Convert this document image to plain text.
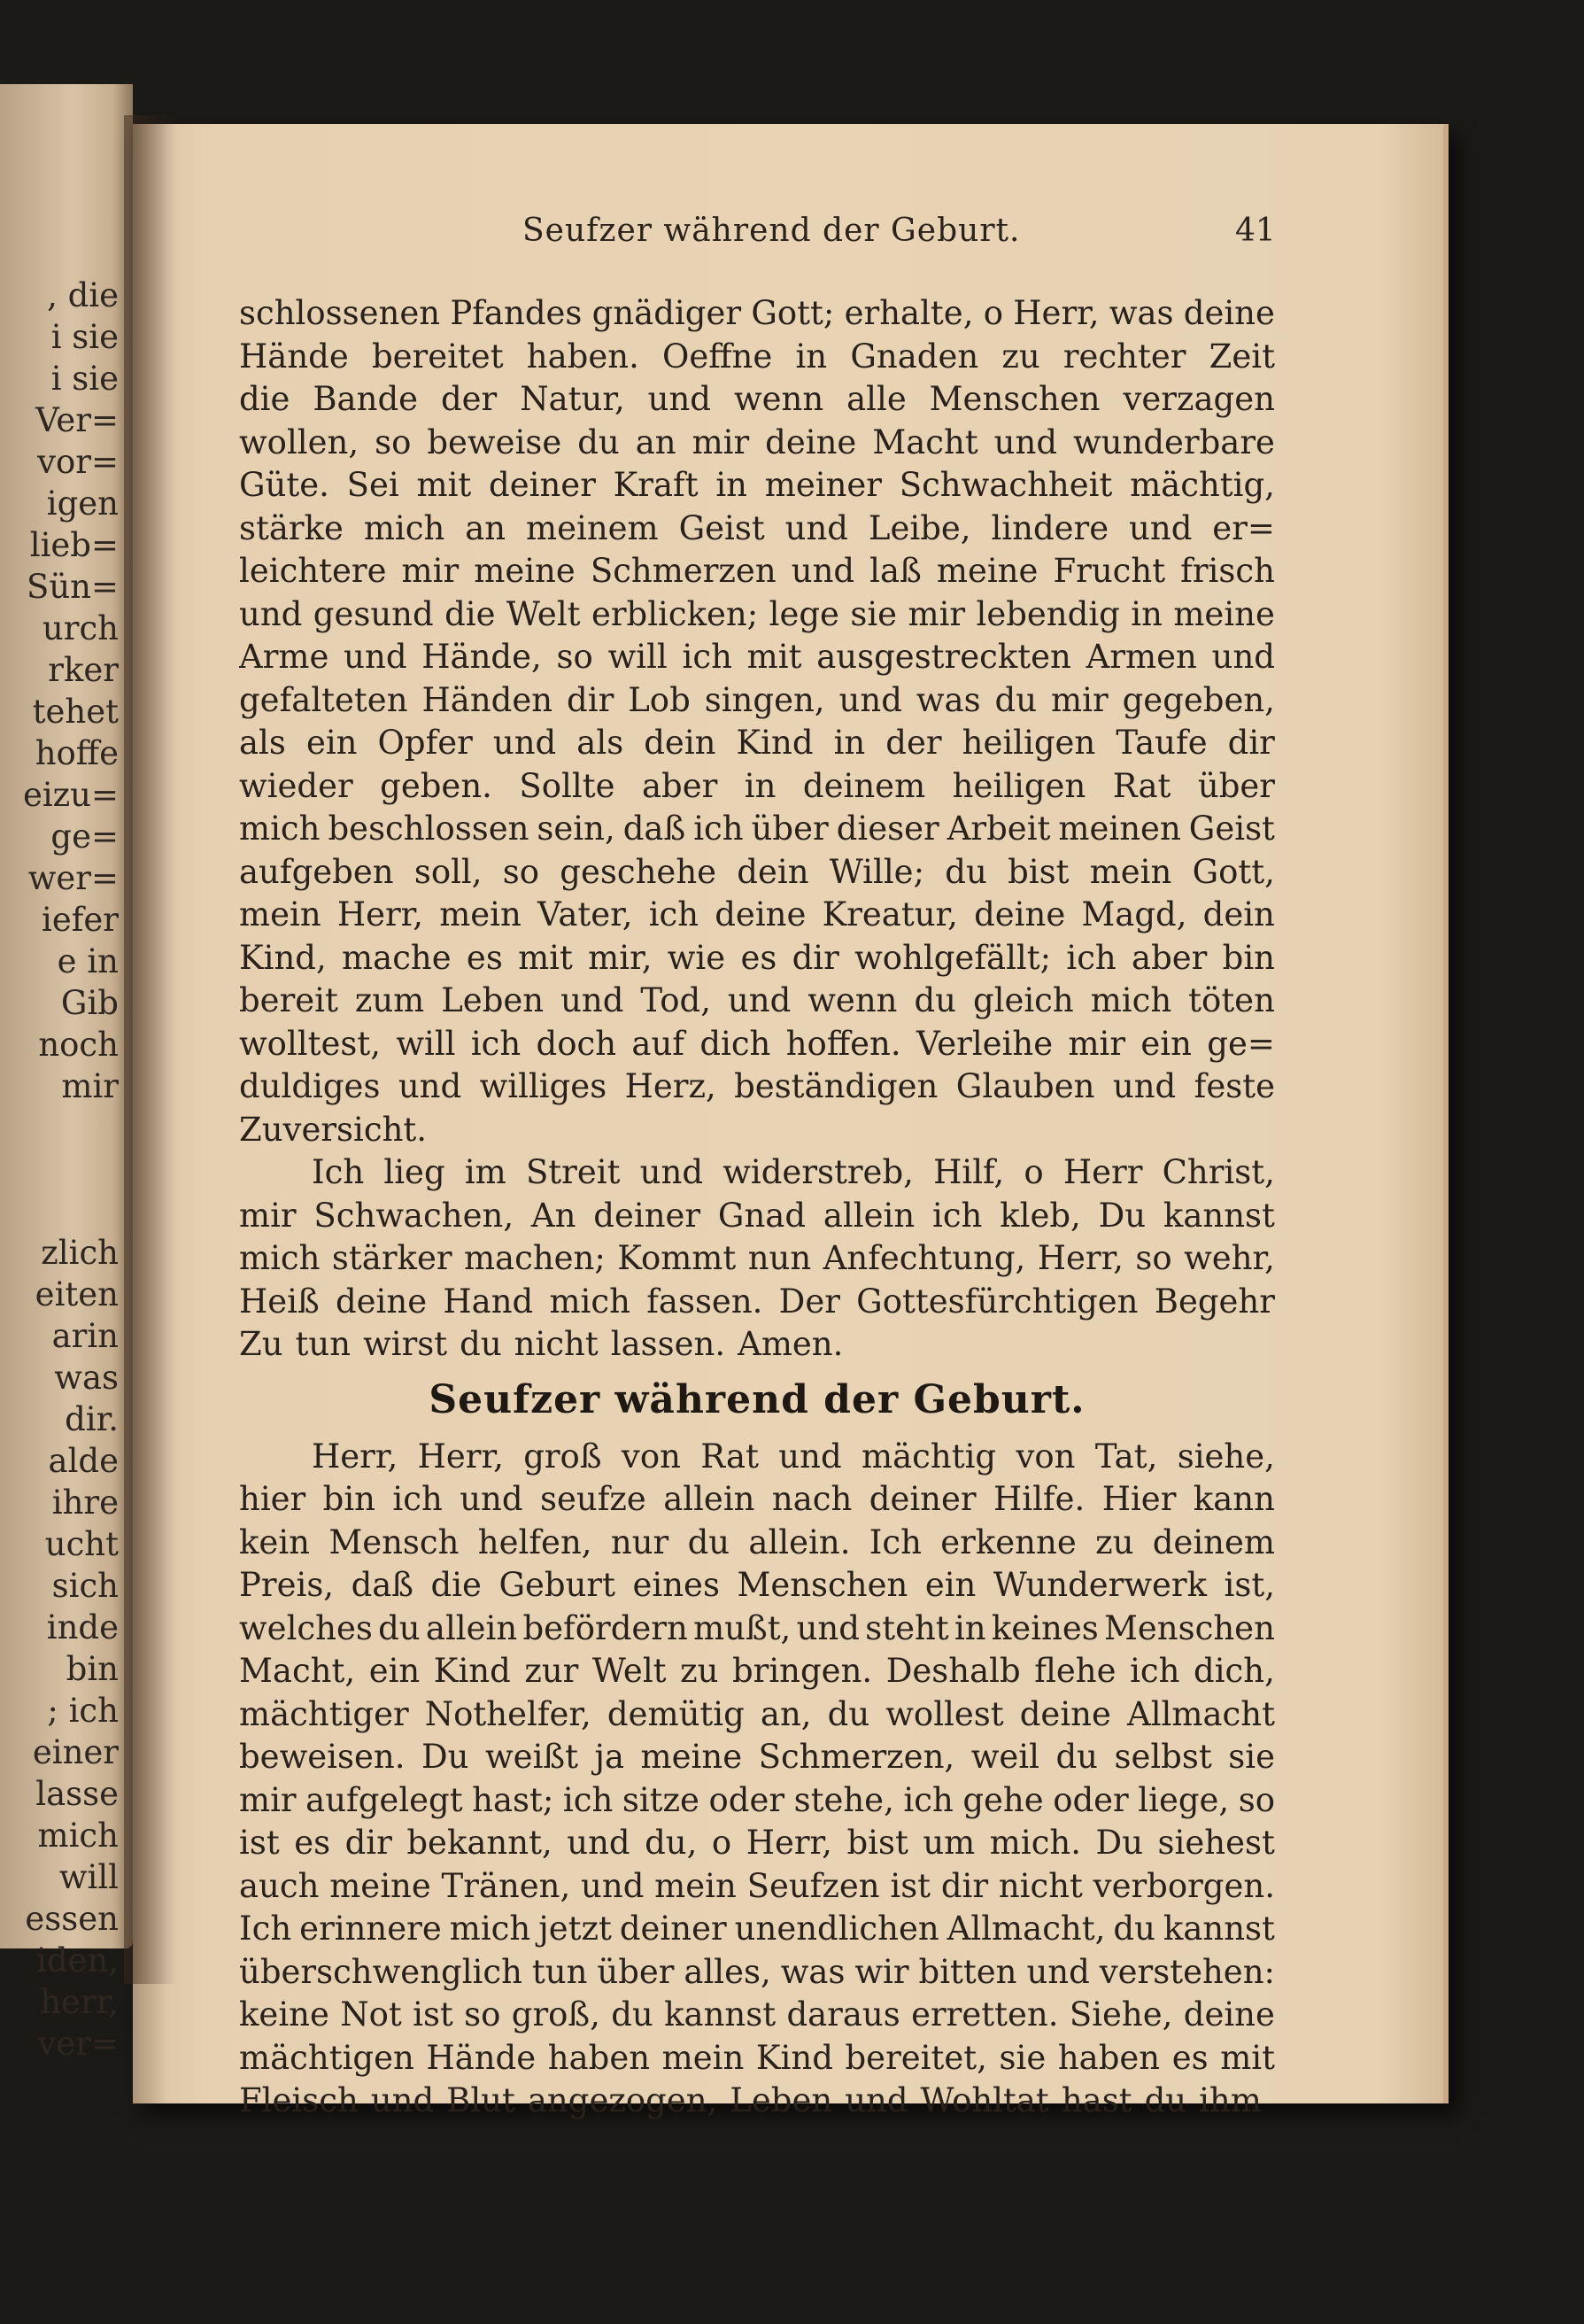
, die
i sie
i sie
Ver=
vor=
igen
lieb=
Sün=
urch
rker
tehet
hoffe
eizu=
ge=
wer=
iefer
e in
Gib
noch
mir
zlich
eiten
arin
was
dir.
alde
ihre
ucht
sich
inde
bin
; ich
einer
lasse
mich
will
essen
iden,
herr,
ver=
Seufzer während der Geburt.	41
schlossenen Pfandes gnädiger Gott; erhalte, o Herr, was deine
Hände bereitet haben. Oeffne in Gnaden zu rechter Zeit
die Bande der Natur, und wenn alle Menschen verzagen
wollen, so beweise du an mir deine Macht und wunderbare
Güte. Sei mit deiner Kraft in meiner Schwachheit mächtig,
stärke mich an meinem Geist und Leibe, lindere und er=
leichtere mir meine Schmerzen und laß meine Frucht frisch
und gesund die Welt erblicken; lege sie mir lebendig in meine
Arme und Hände, so will ich mit ausgestreckten Armen und
gefalteten Händen dir Lob singen, und was du mir gegeben,
als ein Opfer und als dein Kind in der heiligen Taufe dir
wieder geben. Sollte aber in deinem heiligen Rat über
mich beschlossen sein, daß ich über dieser Arbeit meinen Geist
aufgeben soll, so geschehe dein Wille; du bist mein Gott,
mein Herr, mein Vater, ich deine Kreatur, deine Magd, dein
Kind, mache es mit mir, wie es dir wohlgefällt; ich aber bin
bereit zum Leben und Tod, und wenn du gleich mich töten
wolltest, will ich doch auf dich hoffen. Verleihe mir ein ge=
duldiges und williges Herz, beständigen Glauben und feste
Zuversicht.
Ich lieg im Streit und widerstreb, Hilf, o Herr Christ,
mir Schwachen, An deiner Gnad allein ich kleb, Du kannst
mich stärker machen; Kommt nun Anfechtung, Herr, so wehr,
Heiß deine Hand mich fassen. Der Gottesfürchtigen Begehr
Zu tun wirst du nicht lassen. Amen.
Seufzer während der Geburt.
Herr, Herr, groß von Rat und mächtig von Tat, siehe,
hier bin ich und seufze allein nach deiner Hilfe. Hier kann
kein Mensch helfen, nur du allein. Ich erkenne zu deinem
Preis, daß die Geburt eines Menschen ein Wunderwerk ist,
welches du allein befördern mußt, und steht in keines Menschen
Macht, ein Kind zur Welt zu bringen. Deshalb flehe ich dich,
mächtiger Nothelfer, demütig an, du wollest deine Allmacht
beweisen. Du weißt ja meine Schmerzen, weil du selbst sie
mir aufgelegt hast; ich sitze oder stehe, ich gehe oder liege, so
ist es dir bekannt, und du, o Herr, bist um mich. Du siehest
auch meine Tränen, und mein Seufzen ist dir nicht verborgen.
Ich erinnere mich jetzt deiner unendlichen Allmacht, du kannst
überschwenglich tun über alles, was wir bitten und verstehen:
keine Not ist so groß, du kannst daraus erretten. Siehe, deine
mächtigen Hände haben mein Kind bereitet, sie haben es mit
Fleisch und Blut angezogen, Leben und Wohltat hast du ihm
